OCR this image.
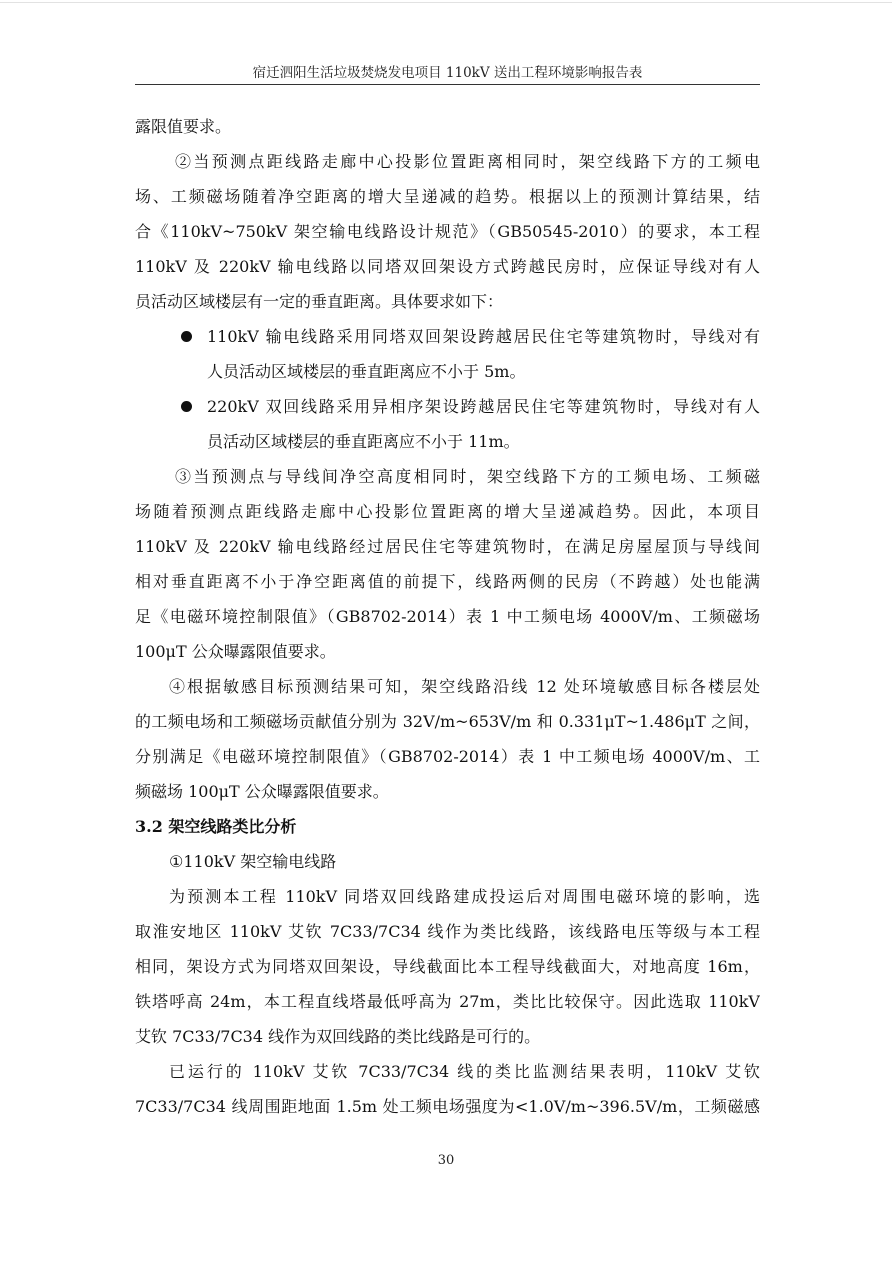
宿迁泗阳生活垃圾焚烧发电项目 110kV 送出工程环境影响报告表
露限值要求。
②当预测点距线路走廊中心投影位置距离相同时，架空线路下方的工频电
场、工频磁场随着净空距离的增大呈递减的趋势。根据以上的预测计算结果，结
合《110kV~750kV 架空输电线路设计规范》（GB50545-2010）的要求，本工程
110kV 及 220kV 输电线路以同塔双回架设方式跨越民房时，应保证导线对有人
员活动区域楼层有一定的垂直距离。具体要求如下：
110kV 输电线路采用同塔双回架设跨越居民住宅等建筑物时，导线对有
人员活动区域楼层的垂直距离应不小于 5m。
220kV 双回线路采用异相序架设跨越居民住宅等建筑物时，导线对有人
员活动区域楼层的垂直距离应不小于 11m。
③当预测点与导线间净空高度相同时，架空线路下方的工频电场、工频磁
场随着预测点距线路走廊中心投影位置距离的增大呈递减趋势。因此，本项目
110kV 及 220kV 输电线路经过居民住宅等建筑物时，在满足房屋屋顶与导线间
相对垂直距离不小于净空距离值的前提下，线路两侧的民房（不跨越）处也能满
足《电磁环境控制限值》（GB8702-2014）表 1 中工频电场 4000V/m、工频磁场
100μT 公众曝露限值要求。
④根据敏感目标预测结果可知，架空线路沿线 12 处环境敏感目标各楼层处
的工频电场和工频磁场贡献值分别为 32V/m~653V/m 和 0.331μT~1.486μT 之间，
分别满足《电磁环境控制限值》（GB8702-2014）表 1 中工频电场 4000V/m、工
频磁场 100μT 公众曝露限值要求。
3.2 架空线路类比分析
①110kV 架空输电线路
为预测本工程 110kV 同塔双回线路建成投运后对周围电磁环境的影响，选
取淮安地区 110kV 艾钦 7C33/7C34 线作为类比线路，该线路电压等级与本工程
相同，架设方式为同塔双回架设，导线截面比本工程导线截面大，对地高度 16m，
铁塔呼高 24m，本工程直线塔最低呼高为 27m，类比比较保守。因此选取 110kV
艾钦 7C33/7C34 线作为双回线路的类比线路是可行的。
已运行的 110kV 艾钦 7C33/7C34 线的类比监测结果表明，110kV 艾钦
7C33/7C34 线周围距地面 1.5m 处工频电场强度为<1.0V/m~396.5V/m，工频磁感
30
